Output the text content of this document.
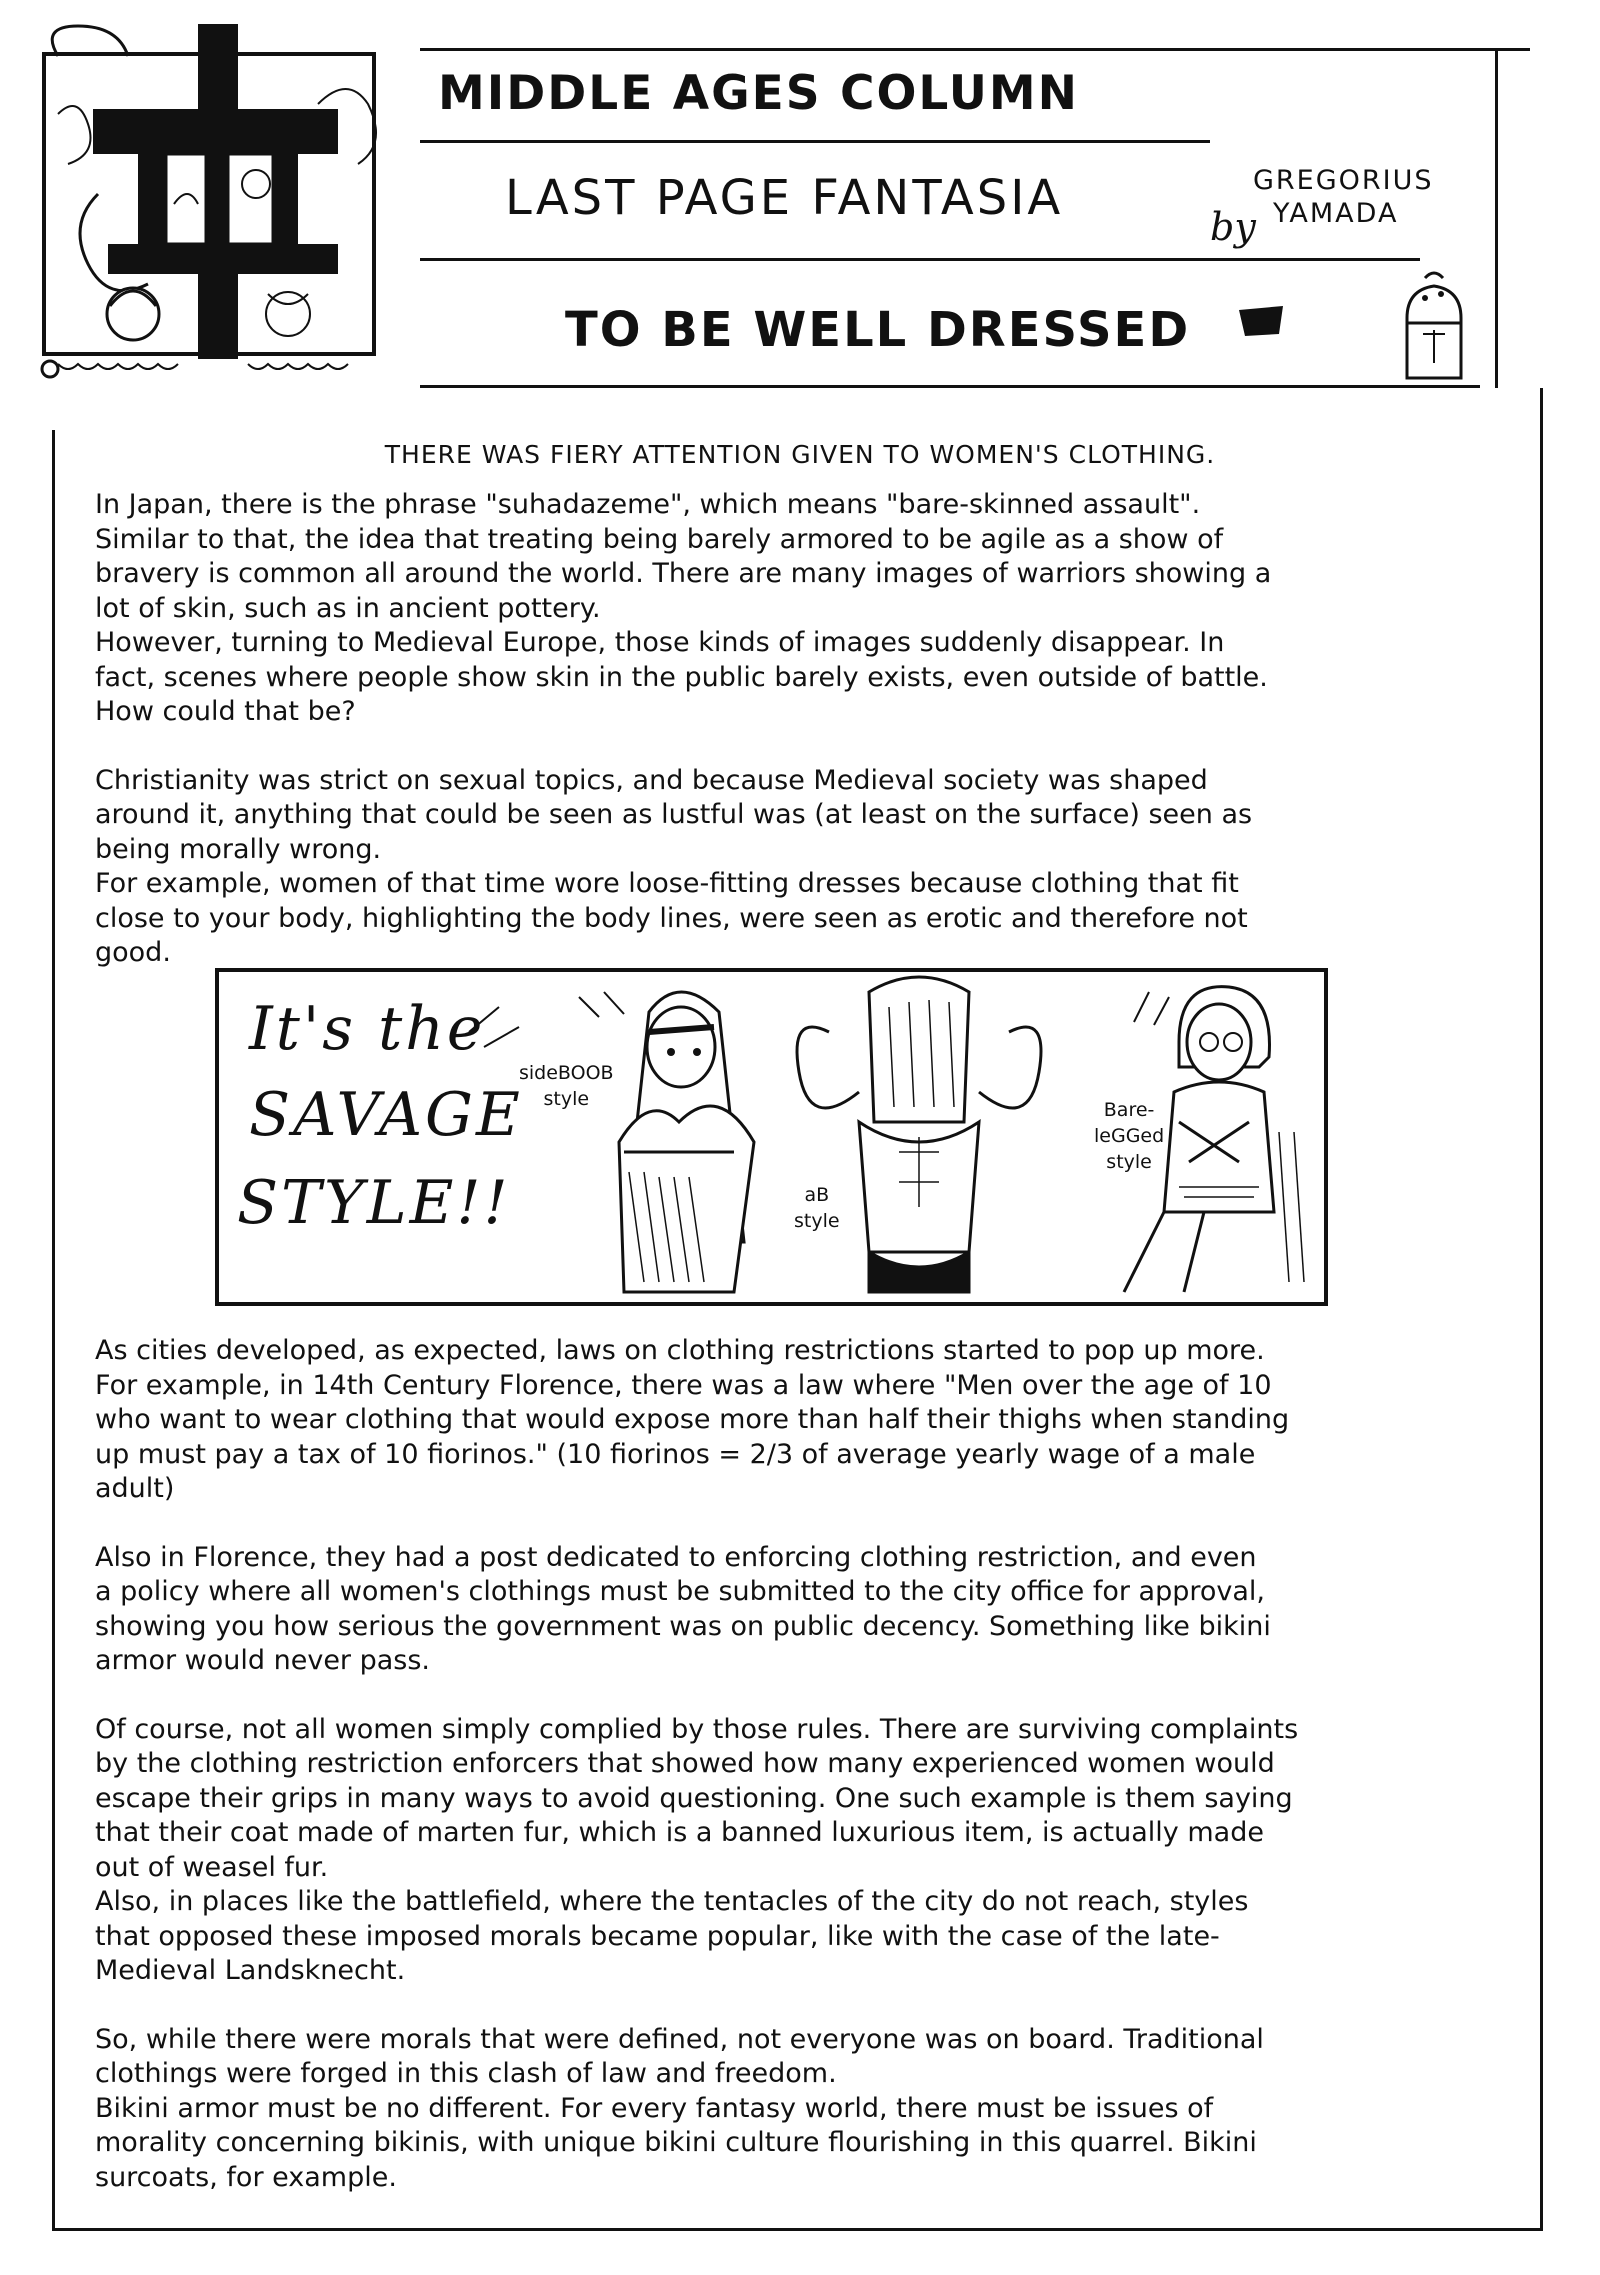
MIDDLE AGES COLUMN
LAST PAGE FANTASIA
TO BE WELL DRESSED
by
GREGORIUS
YAMADA
THERE WAS FIERY ATTENTION GIVEN TO WOMEN'S CLOTHING.

In Japan, there is the phrase "suhadazeme", which means "bare-skinned assault".
Similar to that, the idea that treating being barely armored to be agile as a show of
bravery is common all around the world. There are many images of warriors showing a
lot of skin, such as in ancient pottery.
However, turning to Medieval Europe, those kinds of images suddenly disappear. In
fact, scenes where people show skin in the public barely exists, even outside of battle.
How could that be?

Christianity was strict on sexual topics, and because Medieval society was shaped
around it, anything that could be seen as lustful was (at least on the surface) seen as
being morally wrong.
For example, women of that time wore loose-fitting dresses because clothing that fit
close to your body, highlighting the body lines, were seen as erotic and therefore not
good.

It's the
SAVAGE
STYLE!!
sideBOOB
style
aB
style
Bare-
leGGed
style

As cities developed, as expected, laws on clothing restrictions started to pop up more.
For example, in 14th Century Florence, there was a law where "Men over the age of 10
who want to wear clothing that would expose more than half their thighs when standing
up must pay a tax of 10 fiorinos." (10 fiorinos = 2/3 of average yearly wage of a male
adult)

Also in Florence, they had a post dedicated to enforcing clothing restriction, and even
a policy where all women's clothings must be submitted to the city office for approval,
showing you how serious the government was on public decency. Something like bikini
armor would never pass.

Of course, not all women simply complied by those rules. There are surviving complaints
by the clothing restriction enforcers that showed how many experienced women would
escape their grips in many ways to avoid questioning. One such example is them saying
that their coat made of marten fur, which is a banned luxurious item, is actually made
out of weasel fur.
Also, in places like the battlefield, where the tentacles of the city do not reach, styles
that opposed these imposed morals became popular, like with the case of the late-
Medieval Landsknecht.

So, while there were morals that were defined, not everyone was on board. Traditional
clothings were forged in this clash of law and freedom.
Bikini armor must be no different. For every fantasy world, there must be issues of
morality concerning bikinis, with unique bikini culture flourishing in this quarrel. Bikini
surcoats, for example.
